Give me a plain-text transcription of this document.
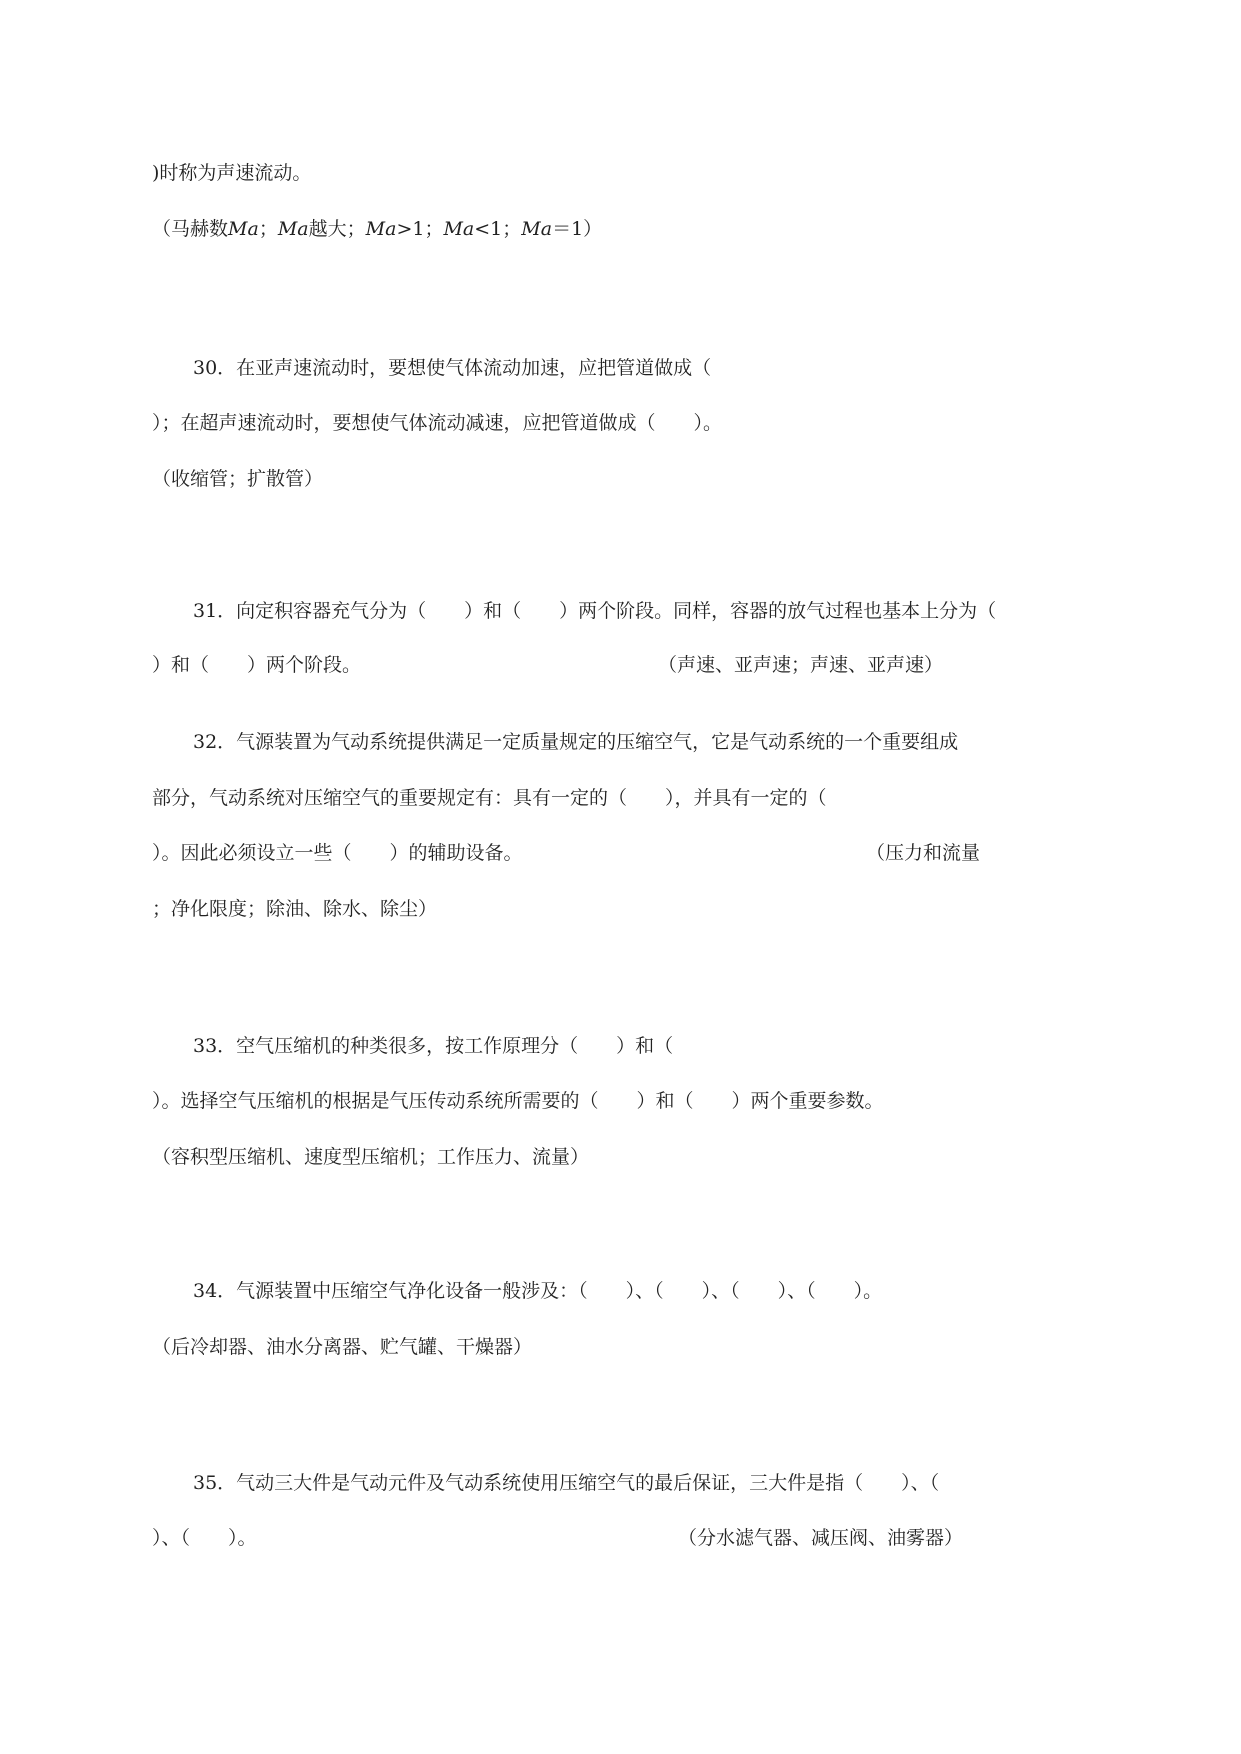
)时称为声速流动。
（马赫数Ma；Ma越大；Ma>1；Ma<1；Ma＝1）
30．在亚声速流动时，要想使气体流动加速，应把管道做成（
）；在超声速流动时，要想使气体流动减速，应把管道做成（　　）。
（收缩管；扩散管）
31．向定积容器充气分为（　　）和（　　）两个阶段。同样，容器的放气过程也基本上分为（
）和（　　）两个阶段。	（声速、亚声速；声速、亚声速）
32．气源装置为气动系统提供满足一定质量规定的压缩空气，它是气动系统的一个重要组成
部分，气动系统对压缩空气的重要规定有：具有一定的（　　），并具有一定的（
）。因此必须设立一些（　　）的辅助设备。	（压力和流量
；净化限度；除油、除水、除尘）
33．空气压缩机的种类很多，按工作原理分（　　）和（
）。选择空气压缩机的根据是气压传动系统所需要的（　　）和（　　）两个重要参数。
（容积型压缩机、速度型压缩机；工作压力、流量）
34．气源装置中压缩空气净化设备一般涉及：（　　）、（　　）、（　　）、（　　）。
（后冷却器、油水分离器、贮气罐、干燥器）
35．气动三大件是气动元件及气动系统使用压缩空气的最后保证，三大件是指（　　）、（
）、（　　）。	（分水滤气器、减压阀、油雾器）
